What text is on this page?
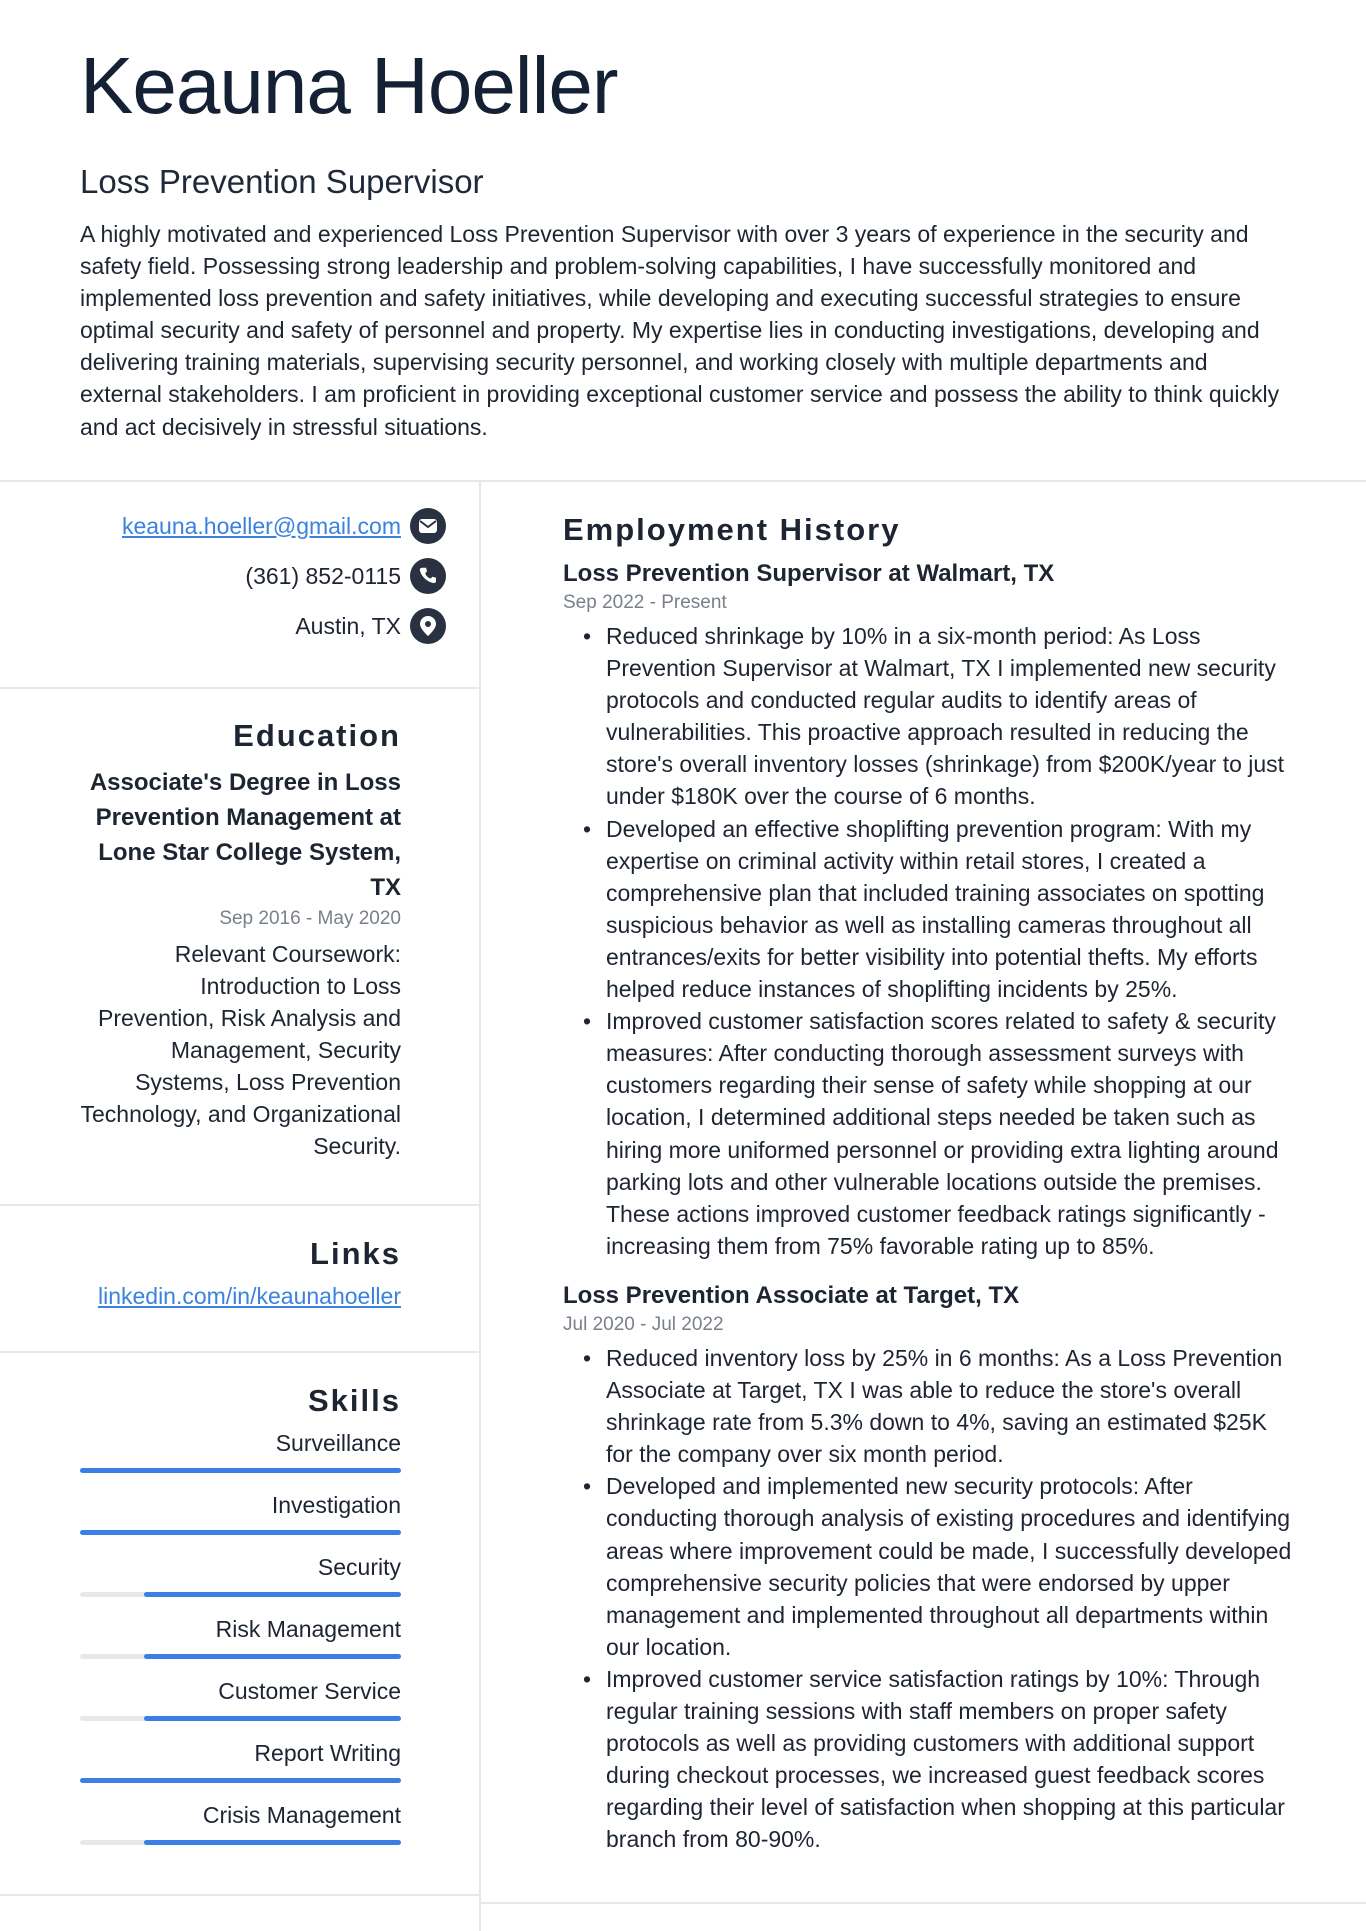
Keauna Hoeller
Loss Prevention Supervisor
A highly motivated and experienced Loss Prevention Supervisor with over 3 years of experience in the security and safety field. Possessing strong leadership and problem-solving capabilities, I have successfully monitored and implemented loss prevention and safety initiatives, while developing and executing successful strategies to ensure optimal security and safety of personnel and property. My expertise lies in conducting investigations, developing and delivering training materials, supervising security personnel, and working closely with multiple departments and external stakeholders. I am proficient in providing exceptional customer service and possess the ability to think quickly and act decisively in stressful situations.
keauna.hoeller@gmail.com
(361) 852-0115
Austin, TX
Education
Associate's Degree in Loss Prevention Management at Lone Star College System, TX
Sep 2016 - May 2020
Relevant Coursework: Introduction to Loss Prevention, Risk Analysis and Management, Security Systems, Loss Prevention Technology, and Organizational Security.
Links
linkedin.com/in/keaunahoeller
Skills
Surveillance
Investigation
Security
Risk Management
Customer Service
Report Writing
Crisis Management
Employment History
Loss Prevention Supervisor at Walmart, TX
Sep 2022 - Present
• Reduced shrinkage by 10% in a six-month period: As Loss Prevention Supervisor at Walmart, TX I implemented new security protocols and conducted regular audits to identify areas of vulnerabilities. This proactive approach resulted in reducing the store's overall inventory losses (shrinkage) from $200K/year to just under $180K over the course of 6 months.
• Developed an effective shoplifting prevention program: With my expertise on criminal activity within retail stores, I created a comprehensive plan that included training associates on spotting suspicious behavior as well as installing cameras throughout all entrances/exits for better visibility into potential thefts. My efforts helped reduce instances of shoplifting incidents by 25%.
• Improved customer satisfaction scores related to safety & security measures: After conducting thorough assessment surveys with customers regarding their sense of safety while shopping at our location, I determined additional steps needed be taken such as hiring more uniformed personnel or providing extra lighting around parking lots and other vulnerable locations outside the premises. These actions improved customer feedback ratings significantly - increasing them from 75% favorable rating up to 85%.
Loss Prevention Associate at Target, TX
Jul 2020 - Jul 2022
• Reduced inventory loss by 25% in 6 months: As a Loss Prevention Associate at Target, TX I was able to reduce the store's overall shrinkage rate from 5.3% down to 4%, saving an estimated $25K for the company over six month period.
• Developed and implemented new security protocols: After conducting thorough analysis of existing procedures and identifying areas where improvement could be made, I successfully developed comprehensive security policies that were endorsed by upper management and implemented throughout all departments within our location.
• Improved customer service satisfaction ratings by 10%: Through regular training sessions with staff members on proper safety protocols as well as providing customers with additional support during checkout processes, we increased guest feedback scores regarding their level of satisfaction when shopping at this particular branch from 80-90%.
